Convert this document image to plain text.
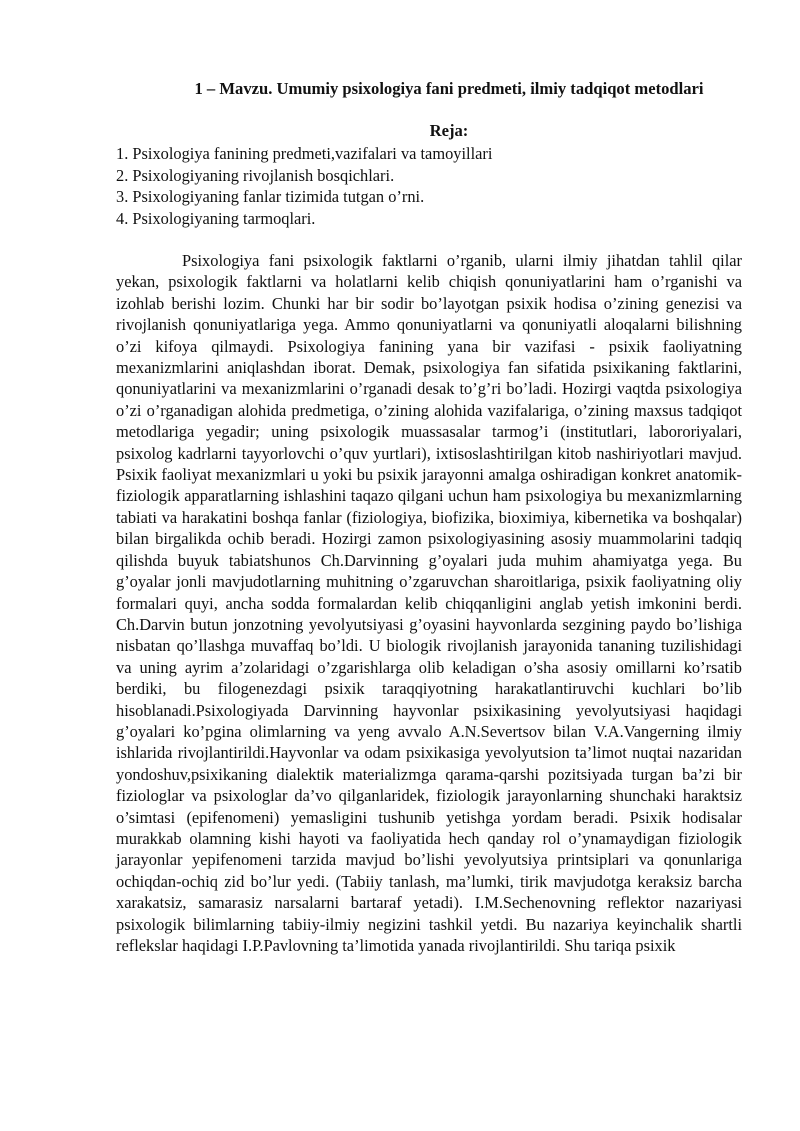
1 – Mavzu. Umumiy psixologiya fani predmeti, ilmiy tadqiqot metodlari
Reja:
1. Psixologiya fanining predmeti,vazifalari va tamoyillari
2. Psixologiyaning rivojlanish bosqichlari.
3. Psixologiyaning fanlar tizimida tutgan o’rni.
4. Psixologiyaning tarmoqlari.

Psixologiya fani psixologik faktlarni o’rganib, ularni ilmiy jihatdan tahlil qilar yekan, psixologik faktlarni va holatlarni kelib chiqish qonuniyatlarini ham o’rganishi va izohlab berishi lozim. Chunki har bir sodir bo’layotgan psixik hodisa o’zining genezisi va rivojlanish qonuniyatlariga yega. Ammo qonuniyatlarni va qonuniyatli aloqalarni bilishning o’zi kifoya qilmaydi. Psixologiya fanining yana bir vazifasi - psixik faoliyatning mexanizmlarini aniqlashdan iborat. Demak, psixologiya fan sifatida psixikaning faktlarini, qonuniyatlarini va mexanizmlarini o’rganadi desak to’g’ri bo’ladi. Hozirgi vaqtda psixologiya o’zi o’rganadigan alohida predmetiga, o’zining alohida vazifalariga, o’zining maxsus tadqiqot metodlariga yegadir; uning psixologik muassasalar tarmog’i (institutlari, labororiyalari, psixolog kadrlarni tayyorlovchi o’quv yurtlari), ixtisoslashtirilgan kitob nashiriyotlari mavjud. Psixik faoliyat mexanizmlari u yoki bu psixik jarayonni amalga oshiradigan konkret anatomik-fiziologik apparatlarning ishlashini taqazo qilgani uchun ham psixologiya bu mexanizmlarning tabiati va harakatini boshqa fanlar (fiziologiya, biofizika, bioximiya, kibernetika va boshqalar) bilan birgalikda ochib beradi. Hozirgi zamon psixologiyasining asosiy muammolarini tadqiq qilishda buyuk tabiatshunos Ch.Darvinning g’oyalari juda muhim ahamiyatga yega. Bu g’oyalar jonli mavjudotlarning muhitning o’zgaruvchan sharoitlariga, psixik faoliyatning oliy formalari quyi, ancha sodda formalardan kelib chiqqanligini anglab yetish imkonini berdi. Ch.Darvin butun jonzotning yevolyutsiyasi g’oyasini hayvonlarda sezgining paydo bo’lishiga nisbatan qo’llashga muvaffaq bo’ldi. U biologik rivojlanish jarayonida tananing tuzilishidagi va uning ayrim a’zolaridagi o’zgarishlarga olib keladigan o’sha asosiy omillarni ko’rsatib berdiki, bu filogenezdagi psixik taraqqiyotning harakatlantiruvchi kuchlari bo’lib hisoblanadi.Psixologiyada Darvinning hayvonlar psixikasining yevolyutsiyasi haqidagi g’oyalari ko’pgina olimlarning va yeng avvalo A.N.Severtsov bilan V.A.Vangerning ilmiy ishlarida rivojlantirildi.Hayvonlar va odam psixikasiga yevolyutsion ta’limot nuqtai nazaridan yondoshuv,psixikaning dialektik materializmga qarama-qarshi pozitsiyada turgan ba’zi bir fiziologlar va psixologlar da’vo qilganlaridek, fiziologik jarayonlarning shunchaki haraktsiz o’simtasi (epifenomeni) yemasligini tushunib yetishga yordam beradi. Psixik hodisalar murakkab olamning kishi hayoti va faoliyatida hech qanday rol o’ynamaydigan fiziologik jarayonlar yepifenomeni tarzida mavjud bo’lishi yevolyutsiya printsiplari va qonunlariga ochiqdan-ochiq zid bo’lur yedi. (Tabiiy tanlash, ma’lumki, tirik mavjudotga keraksiz barcha xarakatsiz, samarasiz narsalarni bartaraf yetadi). I.M.Sechenovning reflektor nazariyasi psixologik bilimlarning tabiiy-ilmiy negizini tashkil yetdi. Bu nazariya keyinchalik shartli reflekslar haqidagi I.P.Pavlovning ta’limotida yanada rivojlantirildi. Shu tariqa psixik
